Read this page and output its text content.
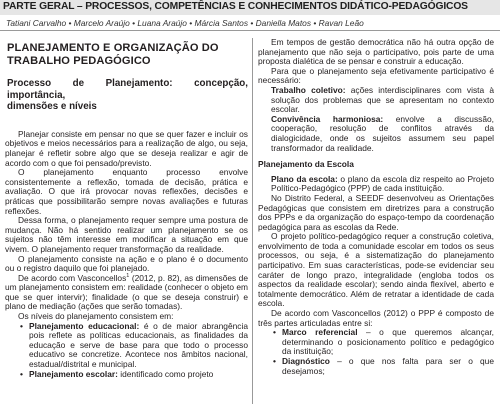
PARTE GERAL – PROCESSOS, COMPETÊNCIAS E CONHECIMENTOS DIDÁTICO-PEDAGÓGICOS
Tatiani Carvalho • Marcelo Araújo • Luana Araújo • Márcia Santos • Daniella Matos • Ravan Leão
PLANEJAMENTO E ORGANIZAÇÃO DO
TRABALHO PEDAGÓGICO
Processo de Planejamento: concepção, importância,
dimensões e níveis

Planejar consiste em pensar no que se quer fazer e incluir os objetivos e meios necessários para a realização de algo, ou seja, planejar é refletir sobre algo que se deseja realizar e agir de acordo com o que foi pensado/previsto.

O planejamento enquanto processo envolve consistentemente a reflexão, tomada de decisão, prática e avaliação. O que irá provocar novas reflexões, decisões e práticas que possibilitarão sempre novas avaliações e futuras reflexões.

Dessa forma, o planejamento requer sempre uma postura de mudança. Não há sentido realizar um planejamento se os sujeitos não têm interesse em modificar a situação em que vivem. O planejamento requer transformação da realidade.

O planejamento consiste na ação e o plano é o documento ou o registro daquilo que foi planejado.

De acordo com Vasconcellos$^1$ (2012, p. 82), as dimensões de um planejamento consistem em: realidade (conhecer o objeto em que se quer intervir); finalidade (o que se deseja construir) e plano de mediação (ações que serão tomadas).

Os níveis do planejamento consistem em:

• Planejamento educacional: é o de maior abrangência pois reflete as políticas educacionais, as finalidades da educação e serve de base para que todo o processo educativo se concretize. Acontece nos âmbitos nacional, estadual/distrital e municipal.

• Planejamento escolar: identificado como projeto

Em tempos de gestão democrática não há outra opção de planejamento que não seja o participativo, pois parte de uma proposta dialética de se pensar e construir a educação.

Para que o planejamento seja efetivamente participativo é necessário:

Trabalho coletivo: ações interdisciplinares com vista à solução dos problemas que se apresentam no contexto escolar.

Convivência harmoniosa: envolve a discussão, cooperação, resolução de conflitos através da dialogicidade, onde os sujeitos assumem seu papel transformador da realidade.

Planejamento da Escola

Plano da escola: o plano da escola diz respeito ao Projeto Político-Pedagógico (PPP) de cada instituição.

No Distrito Federal, a SEEDF desenvolveu as Orientações Pedagógicas que consistem em diretrizes para a construção dos PPPs e da organização do espaço-tempo da coordenação pedagógica para as escolas da Rede.

O projeto político-pedagógico requer a construção coletiva, envolvimento de toda a comunidade escolar em todos os seus processos, ou seja, é a sistematização do planejamento participativo. Em suas características, pode-se evidenciar seu caráter de longo prazo, integralidade (engloba todos os aspectos da realidade escolar); sendo ainda flexível, aberto e totalmente democrático. Além de retratar a identidade de cada escola.

De acordo com Vasconcellos (2012) o PPP é composto de três partes articuladas entre si:

• Marco referencial – o que queremos alcançar, determinando o posicionamento político e pedagógico da instituição;

• Diagnóstico – o que nos falta para ser o que desejamos;
